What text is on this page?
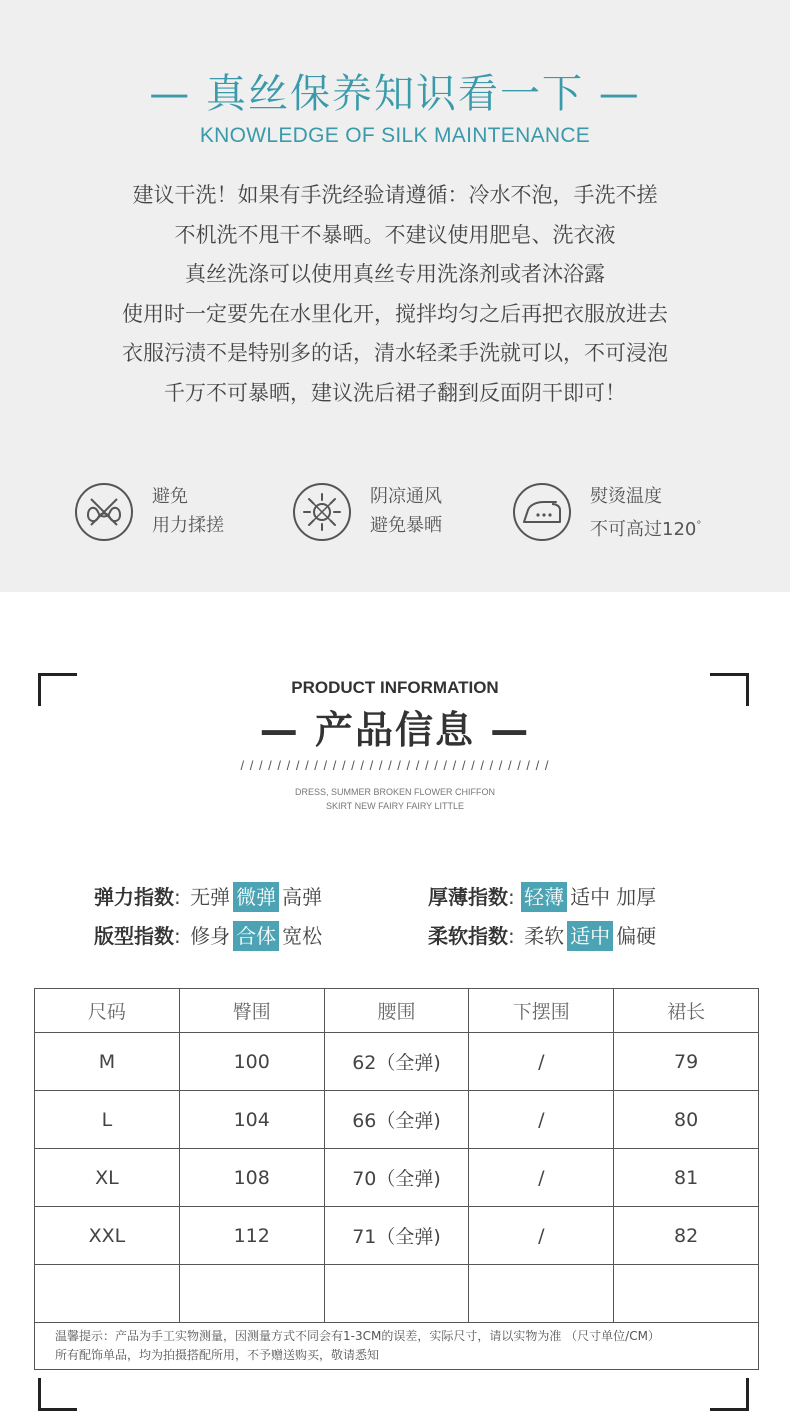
— 真丝保养知识看一下 —
KNOWLEDGE OF SILK MAINTENANCE
建议干洗！如果有手洗经验请遵循：冷水不泡，手洗不搓
不机洗不甩干不暴晒。不建议使用肥皂、洗衣液
真丝洗涤可以使用真丝专用洗涤剂或者沐浴露
使用时一定要先在水里化开，搅拌均匀之后再把衣服放进去
衣服污渍不是特别多的话，清水轻柔手洗就可以，不可浸泡
千万不可暴晒，建议洗后裙子翻到反面阴干即可！
避免
用力揉搓
阴凉通风
避免暴晒
熨烫温度
不可高过120°
PRODUCT INFORMATION
— 产品信息 —
/ / / / / / / / / / / / / / / / / / / / / / / / / / / / / / / / / /
DRESS, SUMMER BROKEN FLOWER CHIFFON
SKIRT NEW FAIRY FAIRY LITTLE
弹力指数: 无弹 微弹 高弹	厚薄指数: 轻薄 适中 加厚
版型指数: 修身 合体 宽松	柔软指数: 柔软 适中 偏硬
尺码	臀围	腰围	下摆围	裙长
M	100	62（全弹)	/	79
L	104	66（全弹)	/	80
XL	108	70（全弹)	/	81
XXL	112	71（全弹)	/	82

温馨提示：产品为手工实物测量，因测量方式不同会有1-3CM的误差，实际尺寸，请以实物为准 （尺寸单位/CM）
所有配饰单品，均为拍摄搭配所用，不予赠送购买，敬请悉知				
